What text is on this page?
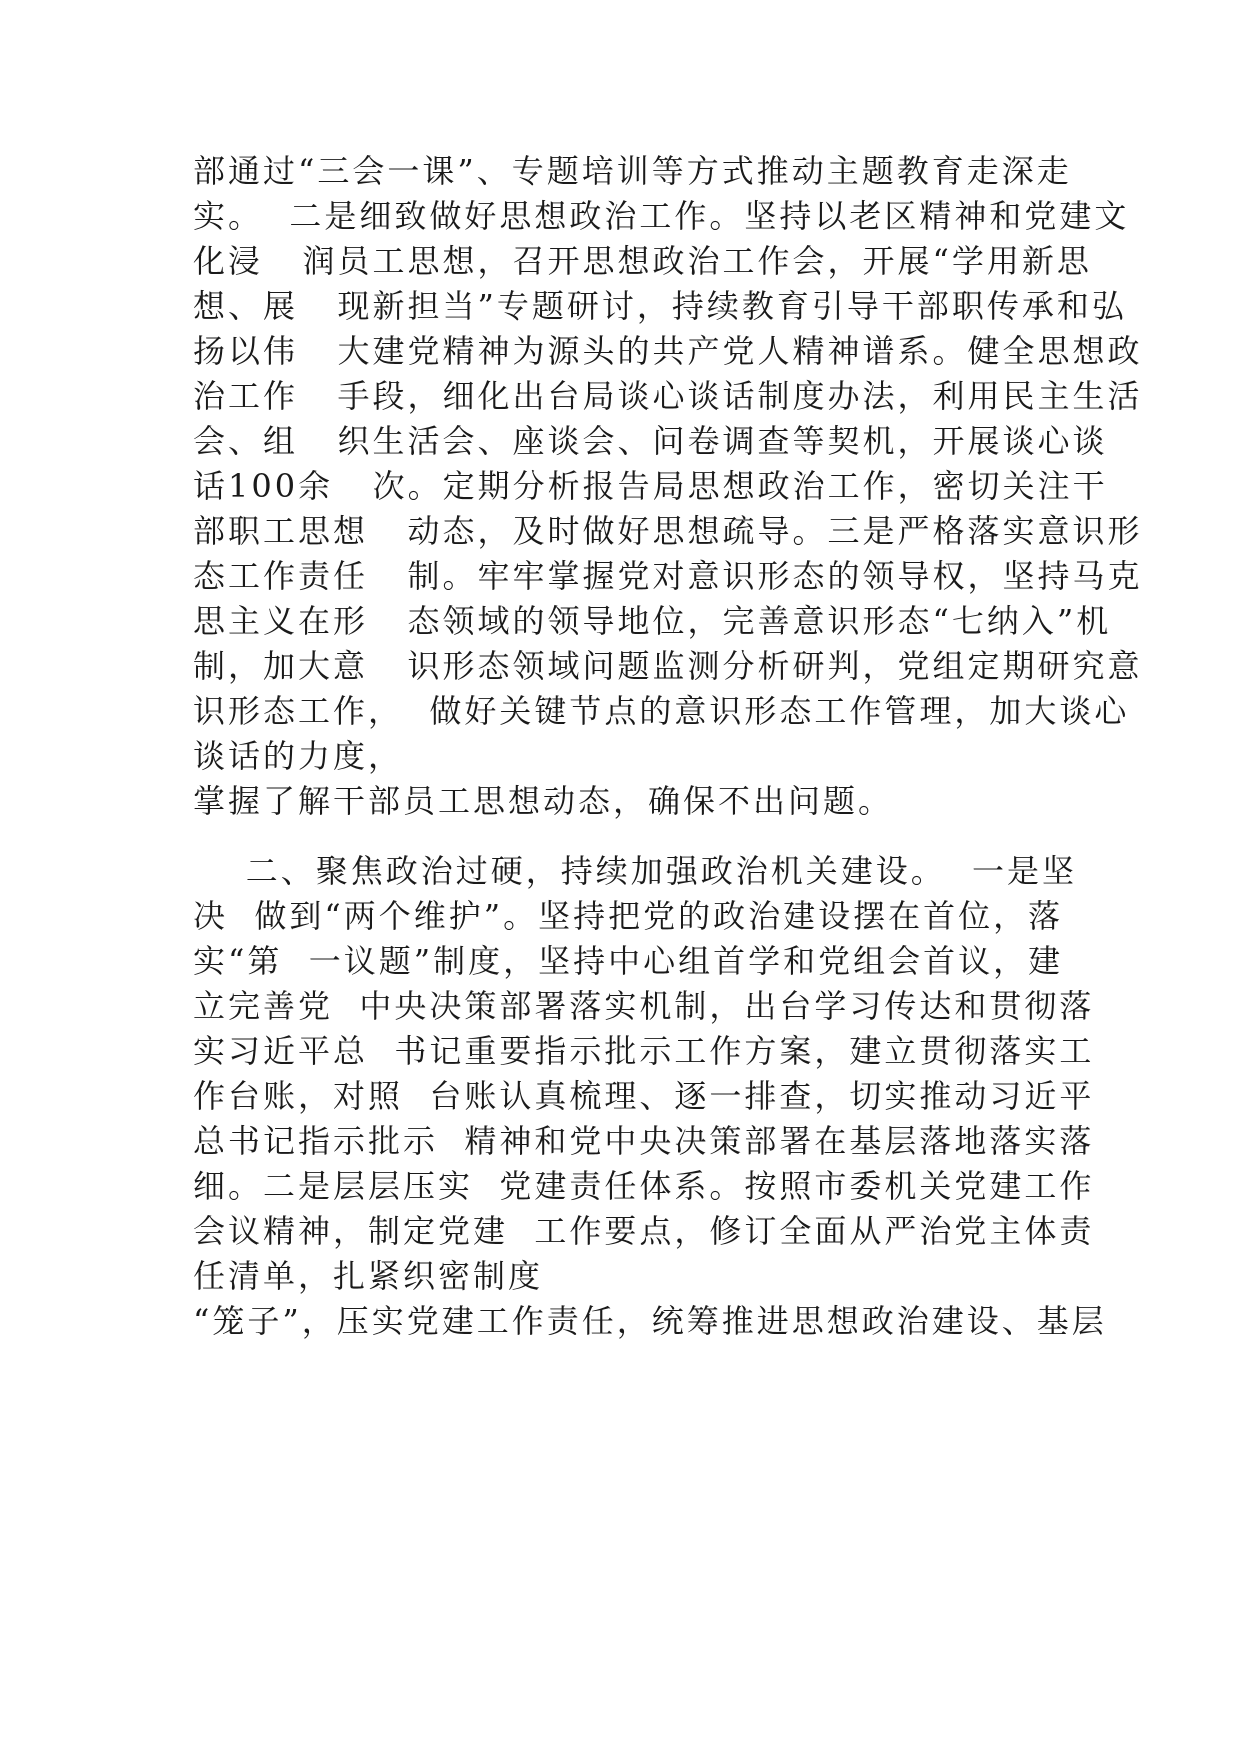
部通过“三会一课”、专题培训等方式推动主题教育走深走
实。  二是细致做好思想政治工作。坚持以老区精神和党建文
化浸   润员工思想，召开思想政治工作会，开展“学用新思
想、展   现新担当”专题研讨，持续教育引导干部职传承和弘
扬以伟   大建党精神为源头的共产党人精神谱系。健全思想政
治工作   手段，细化出台局谈心谈话制度办法，利用民主生活
会、组   织生活会、座谈会、问卷调查等契机，开展谈心谈
话100余   次。定期分析报告局思想政治工作，密切关注干
部职工思想   动态，及时做好思想疏导。三是严格落实意识形
态工作责任   制。牢牢掌握党对意识形态的领导权，坚持马克
思主义在形   态领域的领导地位，完善意识形态“七纳入”机
制，加大意   识形态领域问题监测分析研判，党组定期研究意
识形态工作，  做好关键节点的意识形态工作管理，加大谈心
谈话的力度，
掌握了解干部员工思想动态，确保不出问题。
二、聚焦政治过硬，持续加强政治机关建设。  一是坚
决  做到“两个维护”。坚持把党的政治建设摆在首位，落
实“第  一议题”制度，坚持中心组首学和党组会首议，建
立完善党  中央决策部署落实机制，出台学习传达和贯彻落
实习近平总  书记重要指示批示工作方案，建立贯彻落实工
作台账，对照  台账认真梳理、逐一排查，切实推动习近平
总书记指示批示  精神和党中央决策部署在基层落地落实落
细。二是层层压实  党建责任体系。按照市委机关党建工作
会议精神，制定党建  工作要点，修订全面从严治党主体责
任清单，扎紧织密制度
“笼子”，压实党建工作责任，统筹推进思想政治建设、基层
